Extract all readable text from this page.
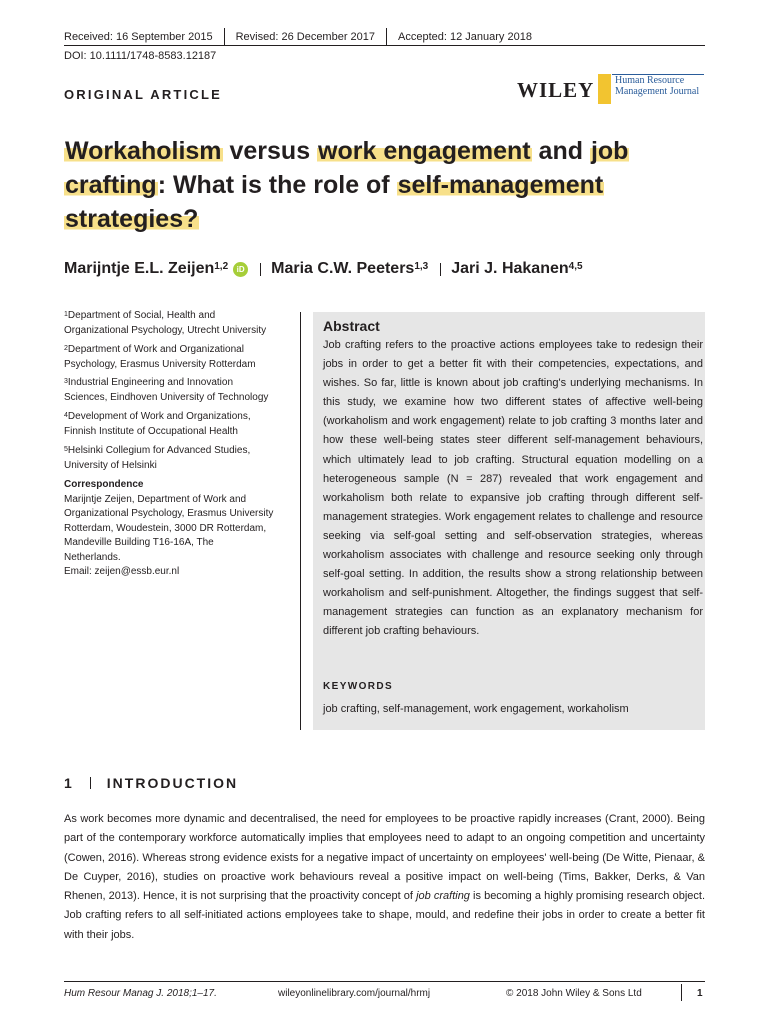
Received: 16 September 2015 Revised: 26 December 2017 Accepted: 12 January 2018
DOI: 10.1111/1748-8583.12187
ORIGINAL ARTICLE	WILEY Human Resource
Management Journal
Workaholism versus work engagement and job
crafting: What is the role of self-management
strategies?
Marijntje E.L. Zeijen$^{1,2}$	iD Maria C.W. Peeters$^{1,3}$ Jari J. Hakanen$^{4,5}$
$^1$Department of Social, Health and
Organizational Psychology, Utrecht University
$^2$Department of Work and Organizational
Psychology, Erasmus University Rotterdam
$^3$Industrial Engineering and Innovation
Sciences, Eindhoven University of Technology
$^4$Development of Work and Organizations,
Finnish Institute of Occupational Health
$^5$Helsinki Collegium for Advanced Studies,
University of Helsinki
Correspondence
Marijntje Zeijen, Department of Work and
Organizational Psychology, Erasmus University
Rotterdam, Woudestein, 3000 DR Rotterdam,
Mandeville Building T16-16A, The
Netherlands.
Email: zeijen@essb.eur.nl
Abstract
Job crafting refers to the proactive actions employees take to redesign their jobs in order to get a better fit with their competencies, expectations, and wishes. So far, little is known about job crafting's underlying mechanisms. In this study, we examine how two different states of affective well-being (workaholism and work engagement) relate to job crafting 3 months later and how these well-being states steer different self-management behaviours, which ultimately lead to job crafting. Structural equation modelling on a heterogeneous sample (N = 287) revealed that work engagement and workaholism both relate to expansive job crafting through different self-management strategies. Work engagement relates to challenge and resource seeking via self-goal setting and self-observation strategies, whereas workaholism associates with challenge and resource seeking only through self-goal setting. In addition, the results show a strong relationship between workaholism and self-punishment. Altogether, the findings suggest that self-management strategies can function as an explanatory mechanism for different job crafting behaviours.
KEYWORDS
job crafting, self-management, work engagement, workaholism
1 INTRODUCTION
As work becomes more dynamic and decentralised, the need for employees to be proactive rapidly increases (Crant, 2000). Being part of the contemporary workforce automatically implies that employees need to adapt to an ongoing competition and uncertainty (Cowen, 2016). Whereas strong evidence exists for a negative impact of uncertainty on employees' well-being (De Witte, Pienaar, & De Cuyper, 2016), studies on proactive work behaviours reveal a positive impact on well-being (Tims, Bakker, Derks, & Van Rhenen, 2013). Hence, it is not surprising that the proactivity concept of job crafting is becoming a highly promising research object. Job crafting refers to all self-initiated actions employees take to shape, mould, and redefine their jobs in order to create a better fit with their jobs.
Hum Resour Manag J. 2018;1–17.	wileyonlinelibrary.com/journal/hrmj	© 2018 John Wiley & Sons Ltd	1
